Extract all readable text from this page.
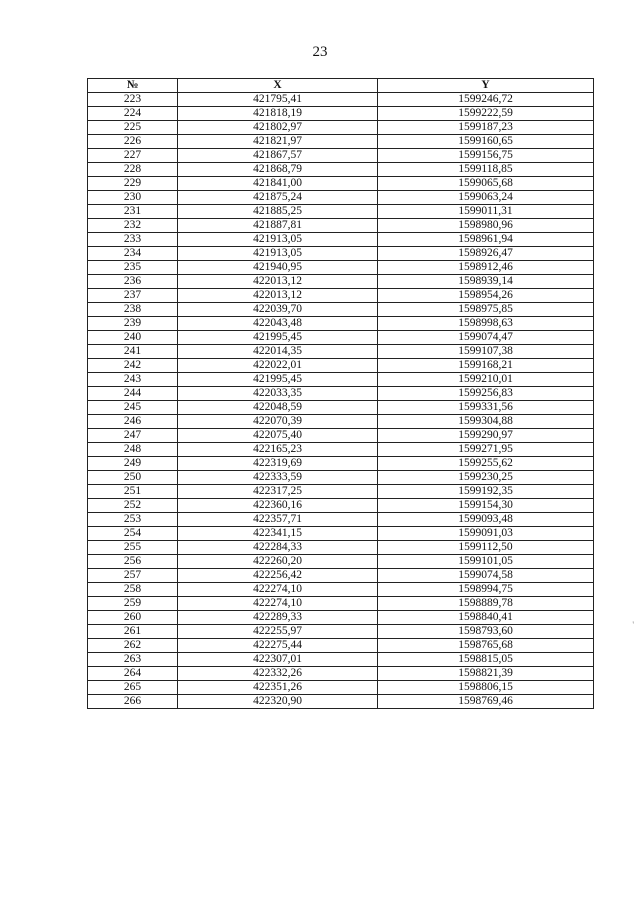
23
№	X	Y
223	421795,41	1599246,72
224	421818,19	1599222,59
225	421802,97	1599187,23
226	421821,97	1599160,65
227	421867,57	1599156,75
228	421868,79	1599118,85
229	421841,00	1599065,68
230	421875,24	1599063,24
231	421885,25	1599011,31
232	421887,81	1598980,96
233	421913,05	1598961,94
234	421913,05	1598926,47
235	421940,95	1598912,46
236	422013,12	1598939,14
237	422013,12	1598954,26
238	422039,70	1598975,85
239	422043,48	1598998,63
240	421995,45	1599074,47
241	422014,35	1599107,38
242	422022,01	1599168,21
243	421995,45	1599210,01
244	422033,35	1599256,83
245	422048,59	1599331,56
246	422070,39	1599304,88
247	422075,40	1599290,97
248	422165,23	1599271,95
249	422319,69	1599255,62
250	422333,59	1599230,25
251	422317,25	1599192,35
252	422360,16	1599154,30
253	422357,71	1599093,48
254	422341,15	1599091,03
255	422284,33	1599112,50
256	422260,20	1599101,05
257	422256,42	1599074,58
258	422274,10	1598994,75
259	422274,10	1598889,78
260	422289,33	1598840,41
261	422255,97	1598793,60
262	422275,44	1598765,68
263	422307,01	1598815,05
264	422332,26	1598821,39
265	422351,26	1598806,15
266	422320,90	1598769,46
'
